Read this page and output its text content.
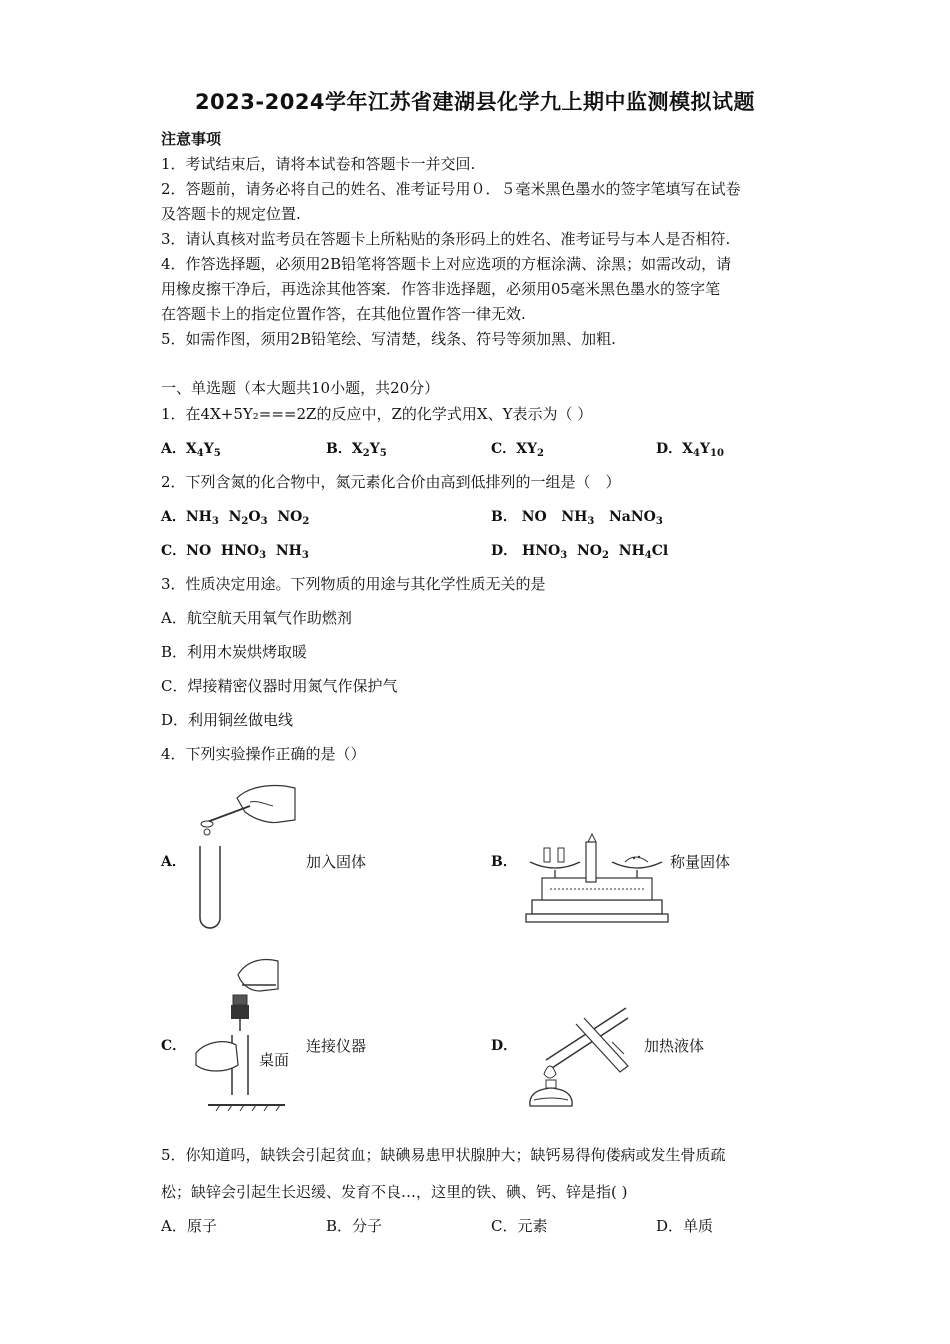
2023-2024学年江苏省建湖县化学九上期中监测模拟试题
注意事项
1．考试结束后，请将本试卷和答题卡一并交回.
2．答题前，请务必将自己的姓名、准考证号用０．５毫米黑色墨水的签字笔填写在试卷
及答题卡的规定位置.
3．请认真核对监考员在答题卡上所粘贴的条形码上的姓名、准考证号与本人是否相符.
4．作答选择题，必须用2B铅笔将答题卡上对应选项的方框涂满、涂黑；如需改动，请
用橡皮擦干净后，再选涂其他答案．作答非选择题，必须用05毫米黑色墨水的签字笔
在答题卡上的指定位置作答，在其他位置作答一律无效.
5．如需作图，须用2B铅笔绘、写清楚，线条、符号等须加黑、加粗.
一、单选题（本大题共10小题，共20分）
1．在4X+5Y₂===2Z的反应中，Z的化学式用X、Y表示为（ ）
A．$X_4Y_5$	B．$X_2Y_5$	C．$XY_2$	D．$X_4Y_{10}$
2．下列含氮的化合物中，氮元素化合价由高到低排列的一组是（　）
A．$NH_3$ $N_2O_3$ $NO_2$	B． NO $NH_3$ NaNO$_3$
C．NO $HNO_3$ $NH_3$	D． $HNO_3$ $NO_2$ $NH_4Cl$
3．性质决定用途。下列物质的用途与其化学性质无关的是
A．航空航天用氧气作助燃剂
B．利用木炭烘烤取暖
C．焊接精密仪器时用氮气作保护气
D．利用铜丝做电线
4．下列实验操作正确的是（）
A．	加入固体	B．	称量固体
C．	连接仪器
桌面
D．	加热液体
5．你知道吗，缺铁会引起贫血；缺碘易患甲状腺肿大；缺钙易得佝偻病或发生骨质疏
松；缺锌会引起生长迟缓、发育不良…，这里的铁、碘、钙、锌是指( )
A．原子	B．分子	C．元素	D．单质
